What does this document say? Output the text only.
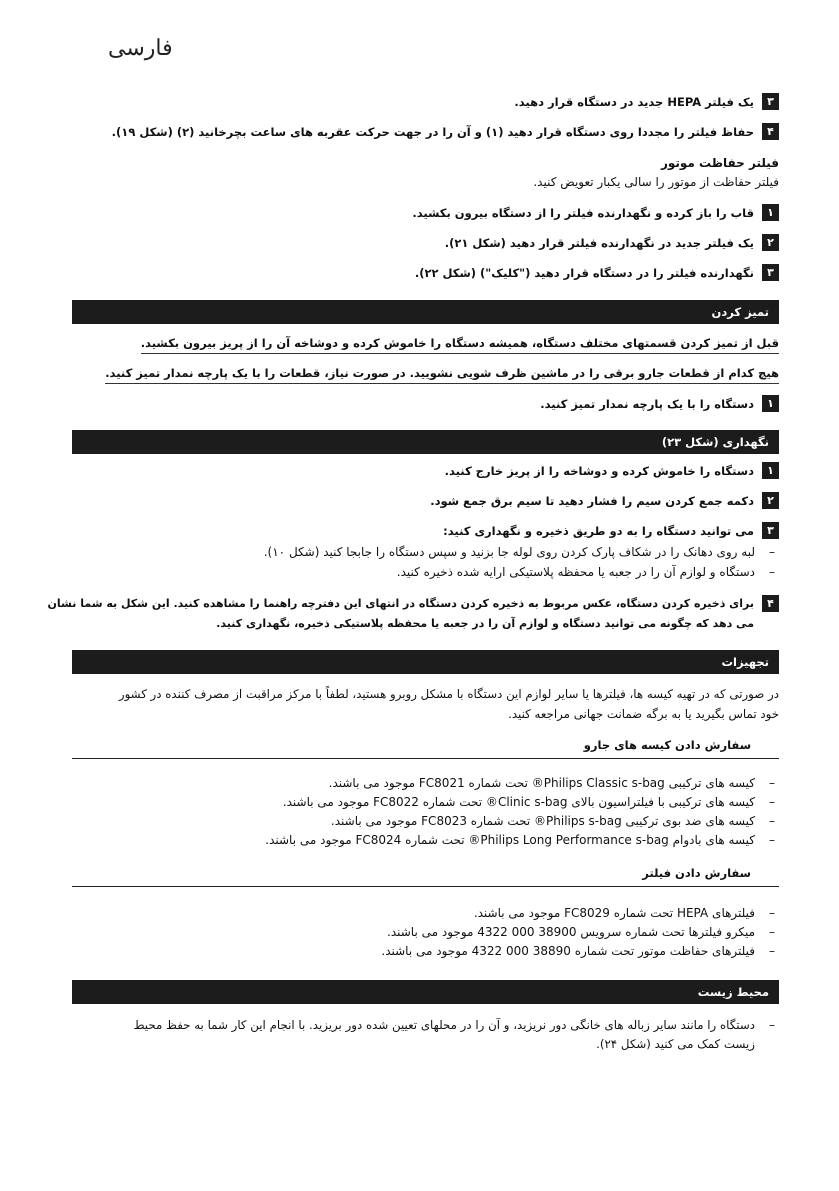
فارسی
۳
یک فیلتر HEPA جدید در دستگاه قرار دهید.
۴
حفاظ فیلتر را مجددا روی دستگاه قرار دهید (۱) و آن را در جهت حرکت عقربه های ساعت بچرخانید (۲) (شکل ۱۹).
فیلتر حفاظت موتور
فیلتر حفاظت از موتور را سالی یکبار تعویض کنید.
۱
قاب را باز کرده و نگهدارنده فیلتر را از دستگاه بیرون بکشید.
۲
یک فیلتر جدید در نگهدارنده فیلتر قرار دهید (شکل ۲۱).
۳
نگهدارنده فیلتر را در دستگاه قرار دهید ("کلیک") (شکل ۲۲).
تمیز کردن
قبل از تمیز کردن قسمتهای مختلف دستگاه، همیشه دستگاه را خاموش کرده و دوشاخه آن را از پریز بیرون بکشید.
هیچ کدام از قطعات جارو برقی را در ماشین ظرف شویی نشویید. در صورت نیاز، قطعات را با یک پارچه نمدار تمیز کنید.
۱
دستگاه را با یک پارچه نمدار تمیز کنید.
نگهداری (شکل ۲۳)
۱
دستگاه را خاموش کرده و دوشاخه را از پریز خارج کنید.
۲
دکمه جمع کردن سیم را فشار دهید تا سیم برق جمع شود.
۳
می توانید دستگاه را به دو طریق ذخیره و نگهداری کنید:
–
لبه روی دهانک را در شکاف پارک کردن روی لوله جا بزنید و سپس دستگاه را جابجا کنید (شکل ۱۰).
–
دستگاه و لوازم آن را در جعبه یا محفظه پلاستیکی ارایه شده ذخیره کنید.
۴
برای ذخیره کردن دستگاه، عکس مربوط به ذخیره کردن دستگاه در انتهای این دفترچه راهنما را مشاهده کنید. این شکل به شما نشان
می دهد که چگونه می توانید دستگاه و لوازم آن را در جعبه یا محفظه پلاستیکی ذخیره، نگهداری کنید.
تجهیزات
در صورتی که در تهیه کیسه ها، فیلترها یا سایر لوازم این دستگاه با مشکل روبرو هستید، لطفاً با مرکز مراقبت از مصرف کننده در کشور
خود تماس بگیرید یا به برگه ضمانت جهانی مراجعه کنید.
سفارش دادن کیسه های جارو
–
کیسه های ترکیبی Philips Classic s-bag® تحت شماره FC8021 موجود می باشند.
–
کیسه های ترکیبی با فیلتراسیون بالای Clinic s-bag® تحت شماره FC8022 موجود می باشند.
–
کیسه های ضد بوی ترکیبی Philips s-bag® تحت شماره FC8023 موجود می باشند.
–
کیسه های بادوام Philips Long Performance s-bag® تحت شماره FC8024 موجود می باشند.
سفارش دادن فیلتر
–
فیلترهای HEPA تحت شماره FC8029 موجود می باشند.
–
میکرو فیلترها تحت شماره سرویس 38900 000 4322 موجود می باشند.
–
فیلترهای حفاظت موتور تحت شماره 38890 000 4322 موجود می باشند.
محیط زیست
–
دستگاه را مانند سایر زباله های خانگی دور نریزید، و آن را در محلهای تعیین شده دور بریزید. با انجام این کار شما به حفظ محیط
زیست کمک می کنید (شکل ۲۴).
